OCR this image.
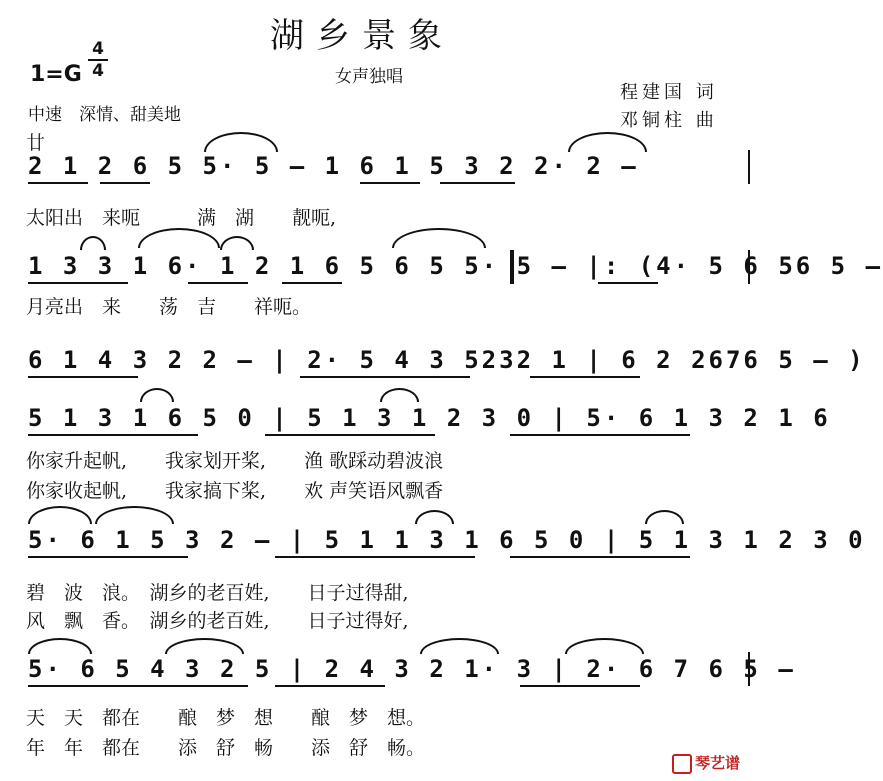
湖乡景象
1=G
4
4	女声独唱
程建国 词
邓铜柱 曲
中速　深情、甜美地
廿
2 1 2 6 5 5· 5 – 1 6 1 5 3 2 2· 2 –
太阳出　来呃　　　满　湖　　靓呃,
1 3 3 1 6· 1 2 1 6 5 6 5 5· 5 – |: (4· 5 6 56 5 –
月亮出　来　　荡　吉　　祥呃。
6 1 4 3 2 2 – | 2· 5 4 3 5232 1 | 6 2 2676 5 – )
5 1 3 1 6 5 0 | 5 1 3 1 2 3 0 | 5· 6 1 3 2 1 6
你家升起帆,　　我家划开桨,　　渔 歌踩动碧波浪
你家收起帆,　　我家搞下桨,　　欢 声笑语风飘香
5· 6 1 5 3 2 – | 5 1 1 3 1 6 5 0 | 5 1 3 1 2 3 0
碧　波　浪。　湖乡的老百姓,　　日子过得甜,
风　飘　香。　湖乡的老百姓,　　日子过得好,
5· 6 5 4 3 2 5 | 2 4 3 2 1· 3 | 2· 6 7 6 5 –
天　天　都在　　酿　梦　想　　酿　梦　想。
年　年　都在　　添　舒　畅　　添　舒　畅。
琴艺谱
